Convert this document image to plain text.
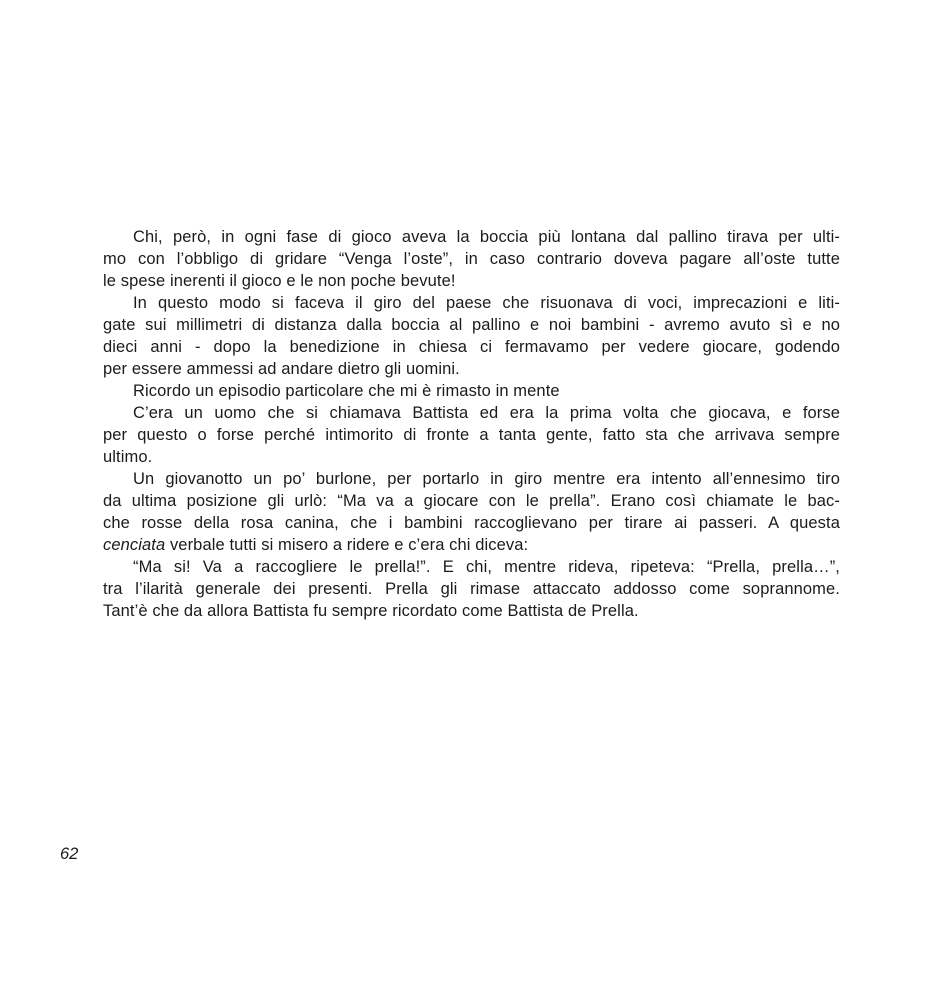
Chi, però, in ogni fase di gioco aveva la boccia più lontana dal pallino tirava per ulti-
mo con l’obbligo di gridare “Venga l’oste”, in caso contrario doveva pagare all’oste tutte
le spese inerenti il gioco e le non poche bevute!
In questo modo si faceva il giro del paese che risuonava di voci, imprecazioni e liti-
gate sui millimetri di distanza dalla boccia al pallino e noi bambini - avremo avuto sì e no
dieci anni - dopo la benedizione in chiesa ci fermavamo per vedere giocare, godendo
per essere ammessi ad andare dietro gli uomini.
Ricordo un episodio particolare che mi è rimasto in mente
C’era un uomo che si chiamava Battista ed era la prima volta che giocava, e forse
per questo o forse perché intimorito di fronte a tanta gente, fatto sta che arrivava sempre
ultimo.
Un giovanotto un po’ burlone, per portarlo in giro mentre era intento all’ennesimo tiro
da ultima posizione gli urlò: “Ma va a giocare con le prella”. Erano così chiamate le bac-
che rosse della rosa canina, che i bambini raccoglievano per tirare ai passeri. A questa
cenciata verbale tutti si misero a ridere e c’era chi diceva:
“Ma si! Va a raccogliere le prella!”. E chi, mentre rideva, ripeteva: “Prella, prella…”,
tra l’ilarità generale dei presenti. Prella gli rimase attaccato addosso come soprannome.
Tant’è che da allora Battista fu sempre ricordato come Battista de Prella.
62
